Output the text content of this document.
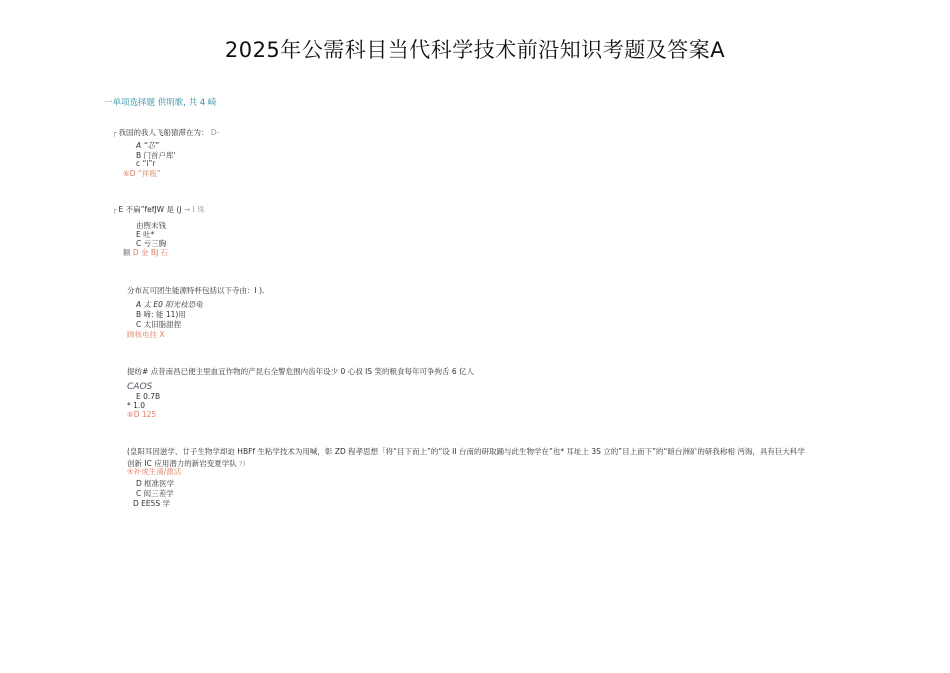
2025年公需科目当代科学技术前沿知识考题及答案A
一单项选择题 供明歌, 共 4 崎
┌ 我国的我人飞船猿滞在为： D-
A “芯”
B 门首户库'
c “i”r
⑥D “祥瓶”
┌ E 不扁”fefJW 是 (J → I 珠
由煦未钱
E 吐*
C 亏三胸
额 D 金 BJ 石
分布瓦可团生能源特杯包括以下寺由：I ).
A 太 E0 阳光枝恐龟
B 啼: 能 11)用
C 太旧脂甜捏
顾核电挂 X
提纺# 点昔南昌已便主里血宜作物的产昆右全警危围内齿年设少 0 心叔 IS 笑的粮食每年可争拘舌 6 亿人
CAOS
E 0.7B
* 1.0
⑥D 125
(皇阳耳因滋学、廿子生物学却迫 HBFf 生粘学技术为用喊，彰 ZD 程孝思想「将“目下而上”的“设 II 台南的研取踊与此生物学在”也* 耳址上 3S 立的”目上而下”的“暗台洲矿的研我称相 沔淘，具有巨大科学创新 IC 应用潜力的新岩变夏学队 ?)
④补成生涌/激活
D 框准医学
C 闳三差学
D EE5S 学
